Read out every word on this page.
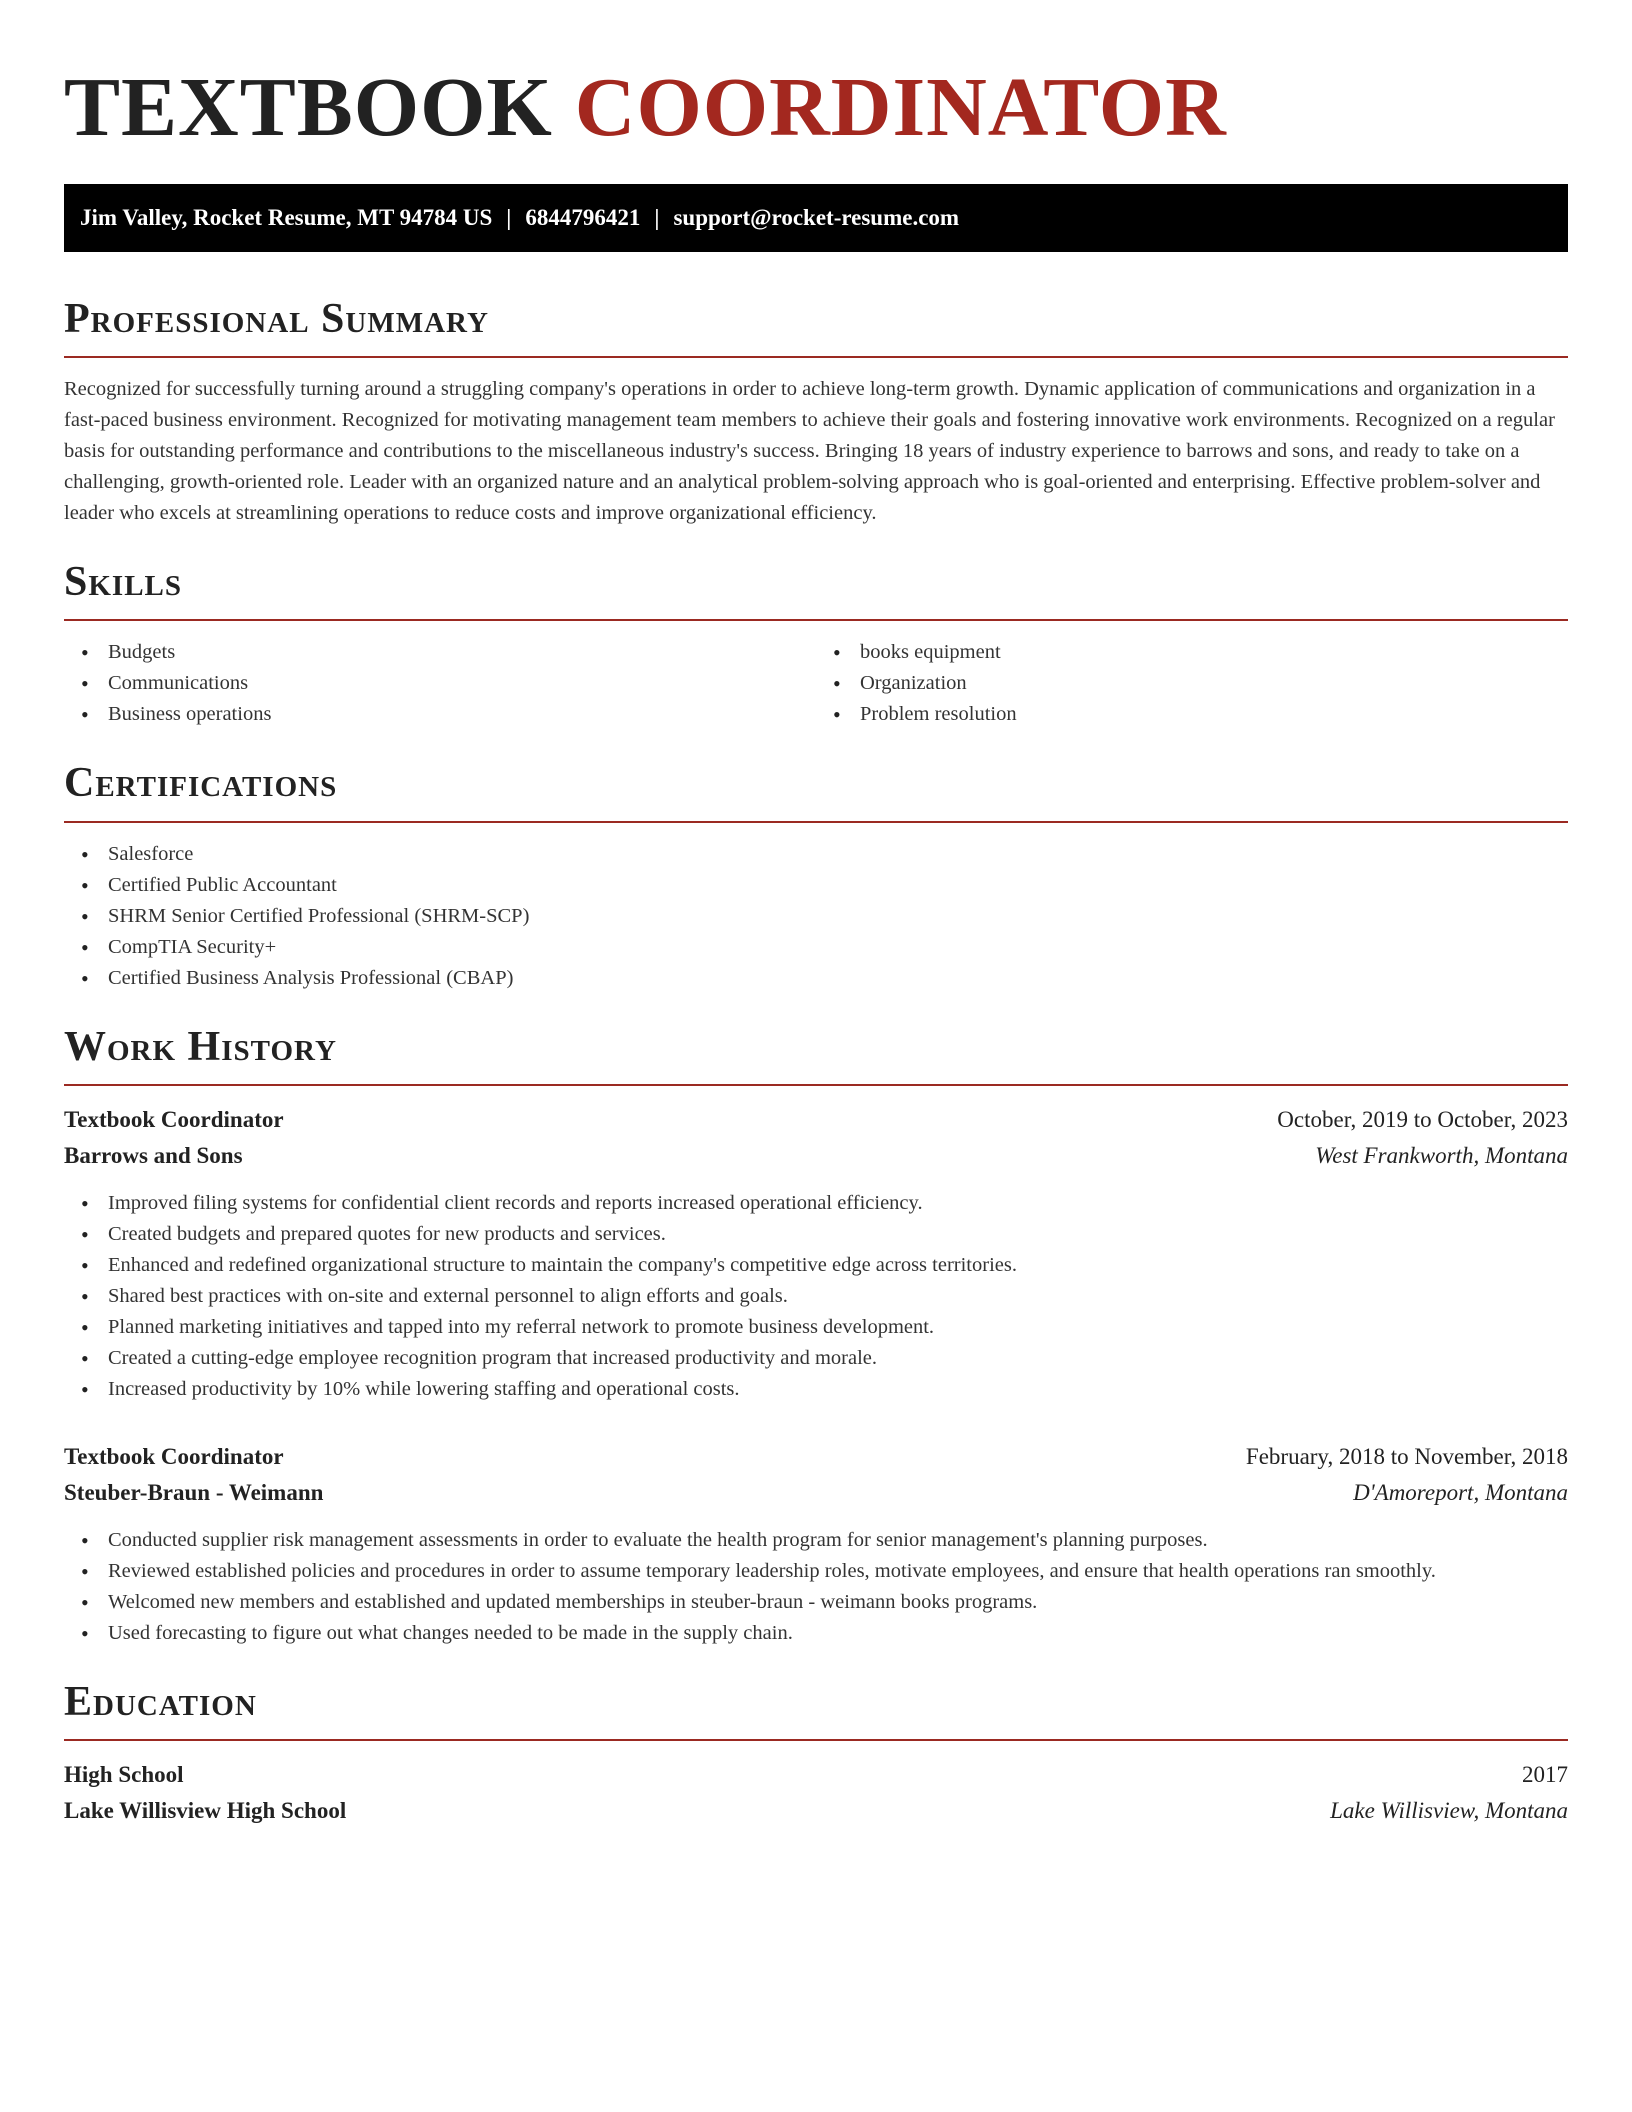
TEXTBOOK COORDINATOR
Jim Valley, Rocket Resume, MT 94784 US | 6844796421 | support@rocket-resume.com
Professional Summary

Recognized for successfully turning around a struggling company's operations in order to achieve long-term growth. Dynamic application of communications and organization in a fast-paced business environment. Recognized for motivating management team members to achieve their goals and fostering innovative work environments. Recognized on a regular basis for outstanding performance and contributions to the miscellaneous industry's success. Bringing 18 years of industry experience to barrows and sons, and ready to take on a challenging, growth-oriented role. Leader with an organized nature and an analytical problem-solving approach who is goal-oriented and enterprising. Effective problem-solver and leader who excels at streamlining operations to reduce costs and improve organizational efficiency.

Skills
• Budgets
• Communications
• Business operations
• books equipment
• Organization
• Problem resolution
Certifications
• Salesforce
• Certified Public Accountant
• SHRM Senior Certified Professional (SHRM-SCP)
• CompTIA Security+
• Certified Business Analysis Professional (CBAP)
Work History
Textbook Coordinator	October, 2019 to October, 2023
Barrows and Sons	West Frankworth, Montana
• Improved filing systems for confidential client records and reports increased operational efficiency.
• Created budgets and prepared quotes for new products and services.
• Enhanced and redefined organizational structure to maintain the company's competitive edge across territories.
• Shared best practices with on-site and external personnel to align efforts and goals.
• Planned marketing initiatives and tapped into my referral network to promote business development.
• Created a cutting-edge employee recognition program that increased productivity and morale.
• Increased productivity by 10% while lowering staffing and operational costs.
Textbook Coordinator	February, 2018 to November, 2018
Steuber-Braun - Weimann	D'Amoreport, Montana
• Conducted supplier risk management assessments in order to evaluate the health program for senior management's planning purposes.
• Reviewed established policies and procedures in order to assume temporary leadership roles, motivate employees, and ensure that health operations ran smoothly.
• Welcomed new members and established and updated memberships in steuber-braun - weimann books programs.
• Used forecasting to figure out what changes needed to be made in the supply chain.
Education
High School	2017
Lake Willisview High School	Lake Willisview, Montana
